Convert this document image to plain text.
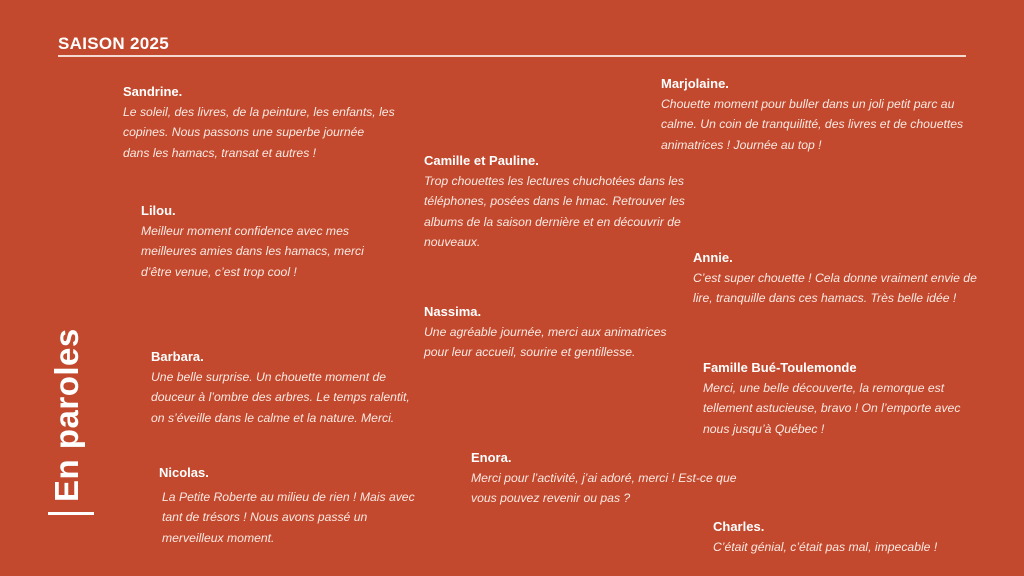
SAISON 2025
En paroles
Sandrine.
Le soleil, des livres, de la peinture, les enfants, les
copines. Nous passons une superbe journée
dans les hamacs, transat et autres !
Lilou.
Meilleur moment confidence avec mes
meilleures amies dans les hamacs, merci
d’être venue, c’est trop cool !
Barbara.
Une belle surprise. Un chouette moment de
douceur à l’ombre des arbres. Le temps ralentit,
on s’éveille dans le calme et la nature. Merci.
Nicolas.
La Petite Roberte au milieu de rien ! Mais avec
tant de trésors ! Nous avons passé un
merveilleux moment.
Marjolaine.
Chouette moment pour buller dans un joli petit parc au
calme. Un coin de tranquilitté, des livres et de chouettes
animatrices ! Journée au top !
Camille et Pauline.
Trop chouettes les lectures chuchotées dans les
téléphones, posées dans le hmac. Retrouver les
albums de la saison dernière et en découvrir de
nouveaux.
Annie.
C’est super chouette ! Cela donne vraiment envie de
lire, tranquille dans ces hamacs. Très belle idée !
Nassima.
Une agréable journée, merci aux animatrices
pour leur accueil, sourire et gentillesse.
Famille Bué-Toulemonde
Merci, une belle découverte, la remorque est
tellement astucieuse, bravo ! On l’emporte avec
nous jusqu’à Québec !
Enora.
Merci pour l’activité, j’ai adoré, merci ! Est-ce que
vous pouvez revenir ou pas ?
Charles.
C’était génial, c’était pas mal, impecable !
